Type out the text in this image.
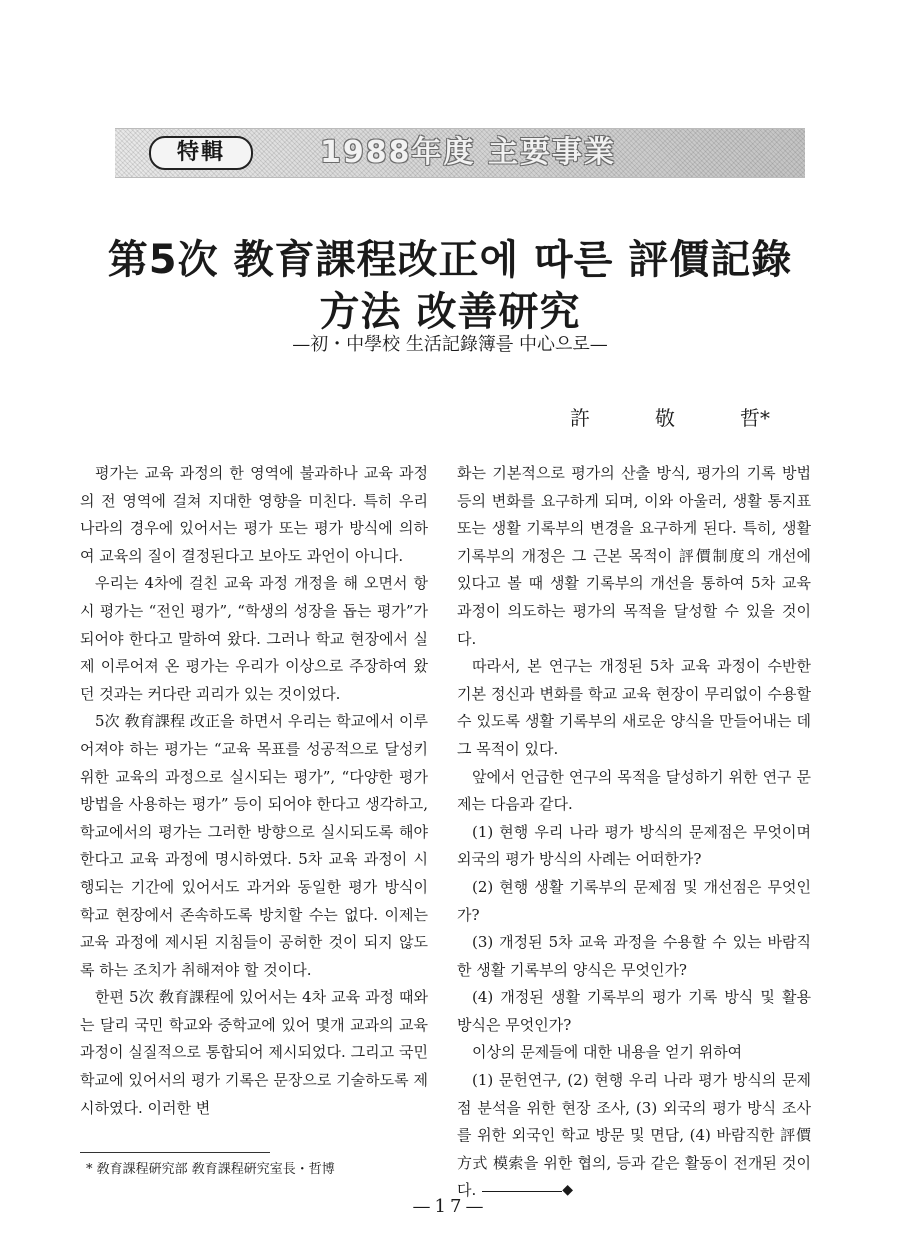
特輯	1988年度 主要事業
第5次 教育課程改正에 따른 評價記錄
方法 改善研究

—初・中學校 生活記錄簿를 中心으로—

許	敬	哲*

평가는 교육 과정의 한 영역에 불과하나 교육 과정의 전 영역에 걸쳐 지대한 영향을 미친다. 특히 우리 나라의 경우에 있어서는 평가 또는 평가 방식에 의하여 교육의 질이 결정된다고 보아도 과언이 아니다.

우리는 4차에 걸친 교육 과정 개정을 해 오면서 항시 평가는 “전인 평가”, “학생의 성장을 돕는 평가”가 되어야 한다고 말하여 왔다. 그러나 학교 현장에서 실제 이루어져 온 평가는 우리가 이상으로 주장하여 왔던 것과는 커다란 괴리가 있는 것이었다.

5次 敎育課程 改正을 하면서 우리는 학교에서 이루어져야 하는 평가는 “교육 목표를 성공적으로 달성키 위한 교육의 과정으로 실시되는 평가”, “다양한 평가 방법을 사용하는 평가” 등이 되어야 한다고 생각하고, 학교에서의 평가는 그러한 방향으로 실시되도록 해야 한다고 교육 과정에 명시하였다. 5차 교육 과정이 시행되는 기간에 있어서도 과거와 동일한 평가 방식이 학교 현장에서 존속하도록 방치할 수는 없다. 이제는 교육 과정에 제시된 지침들이 공허한 것이 되지 않도록 하는 조치가 취해져야 할 것이다.

한편 5次 敎育課程에 있어서는 4차 교육 과정 때와는 달리 국민 학교와 중학교에 있어 몇개 교과의 교육 과정이 실질적으로 통합되어 제시되었다. 그리고 국민 학교에 있어서의 평가 기록은 문장으로 기술하도록 제시하였다. 이러한 변

화는 기본적으로 평가의 산출 방식, 평가의 기록 방법 등의 변화를 요구하게 되며, 이와 아울러, 생활 통지표 또는 생활 기록부의 변경을 요구하게 된다. 특히, 생활 기록부의 개정은 그 근본 목적이 評價制度의 개선에 있다고 볼 때 생활 기록부의 개선을 통하여 5차 교육 과정이 의도하는 평가의 목적을 달성할 수 있을 것이다.

따라서, 본 연구는 개정된 5차 교육 과정이 수반한 기본 정신과 변화를 학교 교육 현장이 무리없이 수용할 수 있도록 생활 기록부의 새로운 양식을 만들어내는 데 그 목적이 있다.

앞에서 언급한 연구의 목적을 달성하기 위한 연구 문제는 다음과 같다.

(1) 현행 우리 나라 평가 방식의 문제점은 무엇이며 외국의 평가 방식의 사례는 어떠한가?

(2) 현행 생활 기록부의 문제점 및 개선점은 무엇인가?

(3) 개정된 5차 교육 과정을 수용할 수 있는 바람직한 생활 기록부의 양식은 무엇인가?

(4) 개정된 생활 기록부의 평가 기록 방식 및 활용 방식은 무엇인가?

이상의 문제들에 대한 내용을 얻기 위하여

(1) 문헌연구, (2) 현행 우리 나라 평가 방식의 문제점 분석을 위한 현장 조사, (3) 외국의 평가 방식 조사를 위한 외국인 학교 방문 및 면담, (4) 바람직한 評價 方式 模索을 위한 협의, 등과 같은 활동이 전개된 것이다.	◆

* 敎育課程硏究部 敎育課程硏究室長・哲博

—17—
